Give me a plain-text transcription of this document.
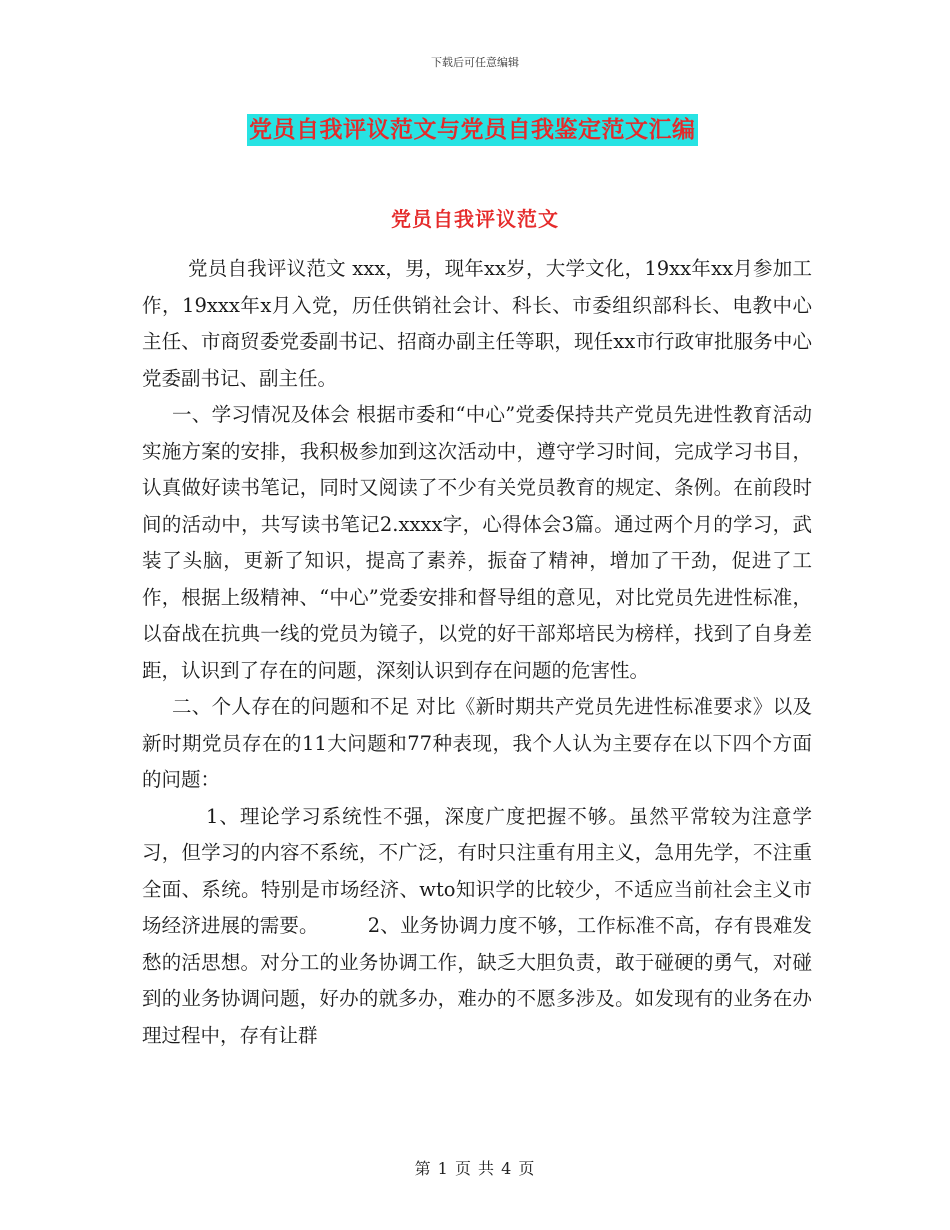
下载后可任意编辑
党员自我评议范文与党员自我鉴定范文汇编
党员自我评议范文

党员自我评议范文 xxx，男，现年xx岁，大学文化，19xx年xx月参加工作，19xxx年x月入党，历任供销社会计、科长、市委组织部科长、电教中心主任、市商贸委党委副书记、招商办副主任等职，现任xx市行政审批服务中心党委副书记、副主任。

一、学习情况及体会 根据市委和“中心”党委保持共产党员先进性教育活动实施方案的安排，我积极参加到这次活动中，遵守学习时间，完成学习书目，认真做好读书笔记，同时又阅读了不少有关党员教育的规定、条例。在前段时间的活动中，共写读书笔记2.xxxx字，心得体会3篇。通过两个月的学习，武装了头脑，更新了知识，提高了素养，振奋了精神，增加了干劲，促进了工作，根据上级精神、“中心”党委安排和督导组的意见，对比党员先进性标准，以奋战在抗典一线的党员为镜子，以党的好干部郑培民为榜样，找到了自身差距，认识到了存在的问题，深刻认识到存在问题的危害性。

二、个人存在的问题和不足 对比《新时期共产党员先进性标准要求》以及新时期党员存在的11大问题和77种表现，我个人认为主要存在以下四个方面的问题：

1、理论学习系统性不强，深度广度把握不够。虽然平常较为注意学习，但学习的内容不系统，不广泛，有时只注重有用主义，急用先学，不注重全面、系统。特别是市场经济、wto知识学的比较少，不适应当前社会主义市场经济进展的需要。　　　2、业务协调力度不够，工作标准不高，存有畏难发愁的活思想。对分工的业务协调工作，缺乏大胆负责，敢于碰硬的勇气，对碰到的业务协调问题，好办的就多办，难办的不愿多涉及。如发现有的业务在办理过程中，存有让群

第 1 页 共 4 页
